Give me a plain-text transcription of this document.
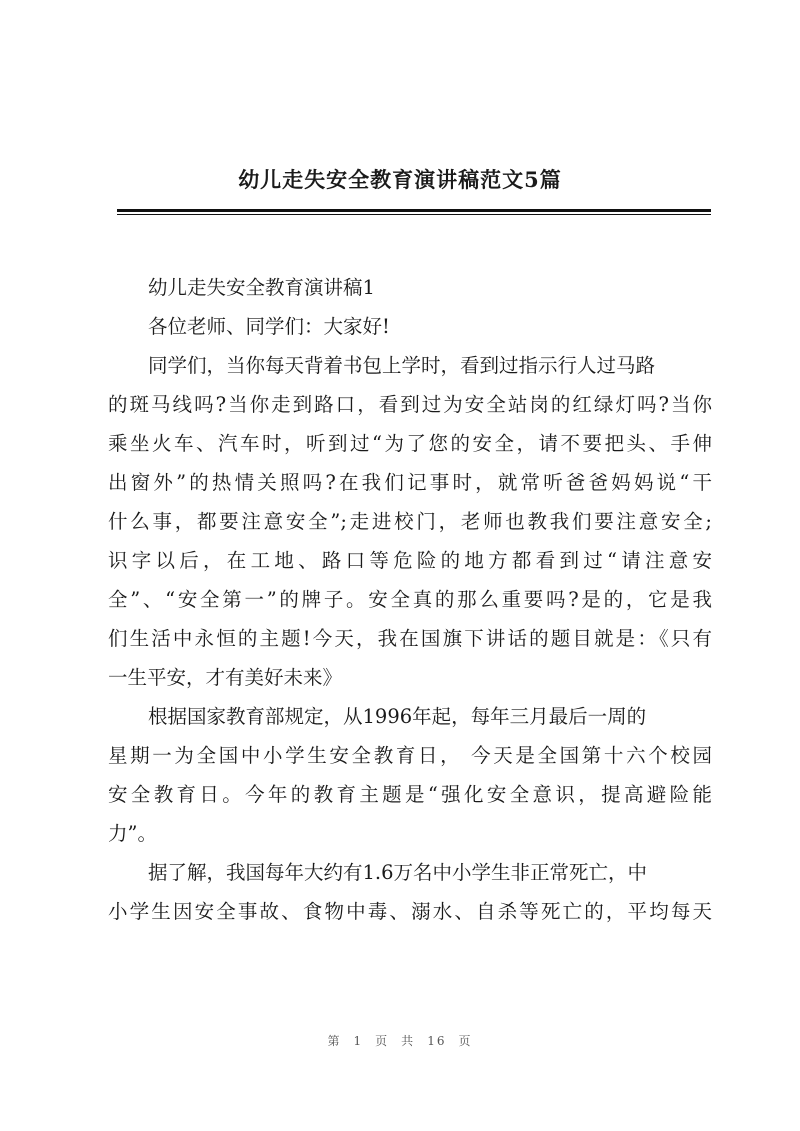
幼儿走失安全教育演讲稿范文5篇
幼儿走失安全教育演讲稿1
各位老师、同学们：大家好!
同学们，当你每天背着书包上学时，看到过指示行人过马路
的斑马线吗?当你走到路口，看到过为安全站岗的红绿灯吗?当你
乘坐火车、汽车时，听到过“为了您的安全，请不要把头、手伸
出窗外”的热情关照吗?在我们记事时，就常听爸爸妈妈说“干
什么事，都要注意安全”;走进校门，老师也教我们要注意安全;
识字以后，在工地、路口等危险的地方都看到过“请注意安
全”、“安全第一”的牌子。安全真的那么重要吗?是的，它是我
们生活中永恒的主题!今天，我在国旗下讲话的题目就是：《只有
一生平安，才有美好未来》
根据国家教育部规定，从1996年起，每年三月最后一周的
星期一为全国中小学生安全教育日， 今天是全国第十六个校园
安全教育日。今年的教育主题是“强化安全意识，提高避险能
力”。
据了解，我国每年大约有1.6万名中小学生非正常死亡，中
小学生因安全事故、食物中毒、溺水、自杀等死亡的，平均每天
第 1 页 共 16 页
